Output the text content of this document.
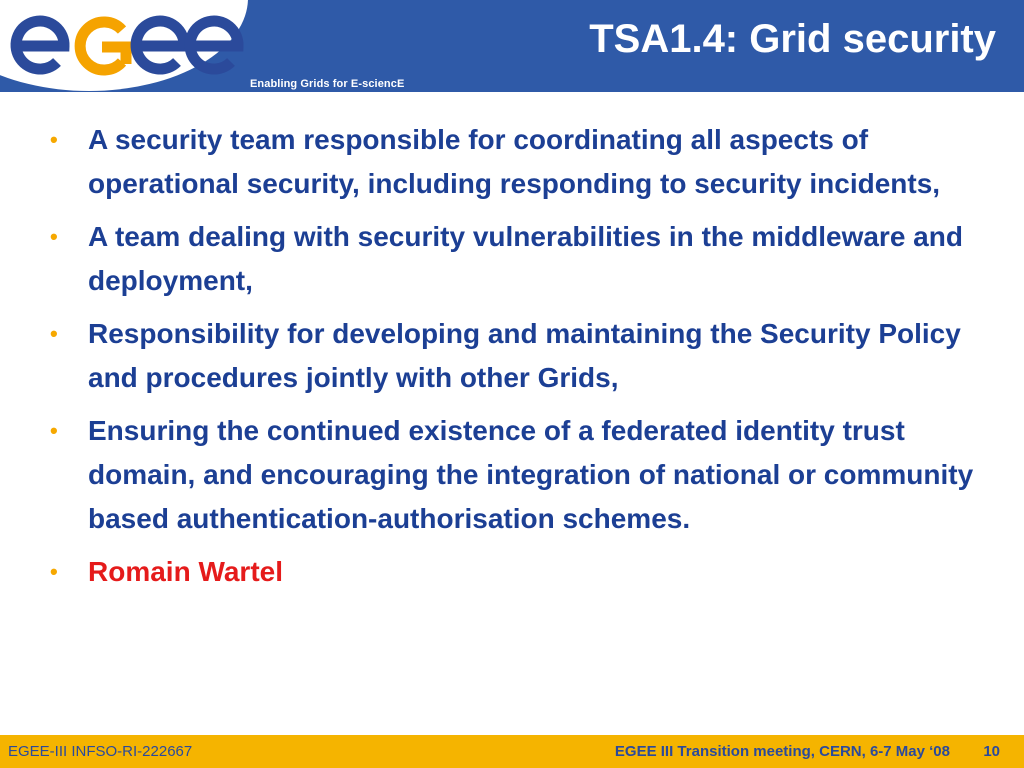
Enabling Grids for E-sciencE
TSA1.4: Grid security
•	A security team responsible for coordinating all aspects of operational security, including responding to security incidents,
•	A team dealing with security vulnerabilities in the middleware and deployment,
•	Responsibility for developing and maintaining the Security Policy and procedures jointly with other Grids,
•	Ensuring the continued existence of a federated identity trust domain, and encouraging the integration of national or community based authentication-authorisation schemes.
•	Romain Wartel
EGEE-III INFSO-RI-222667	EGEE III Transition meeting, CERN, 6-7 May ‘08 10
